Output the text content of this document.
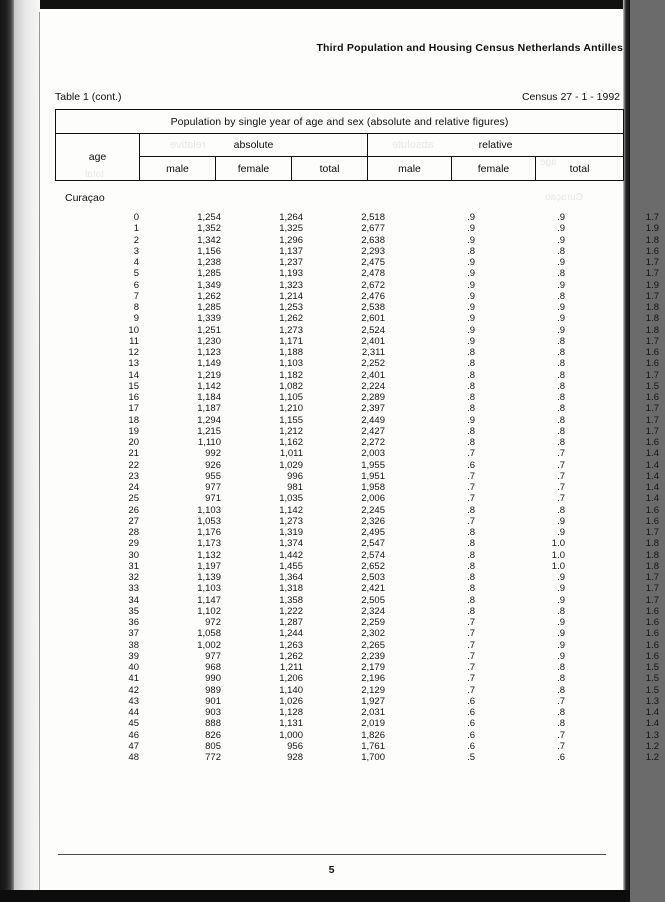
Third Population and Housing Census Netherlands Antilles
Table 1 (cont.)	Census 27 - 1 - 1992
Population by single year of age and sex (absolute and relative figures)						
age	absolute			relative		
	male	female	total	male	female	total
Curaçao
0	1,254	1,264	2,518	.9	.9	1.7
1	1,352	1,325	2,677	.9	.9	1.9
2	1,342	1,296	2,638	.9	.9	1.8
3	1,156	1,137	2,293	.8	.8	1.6
4	1,238	1,237	2,475	.9	.9	1.7
5	1,285	1,193	2,478	.9	.8	1.7
6	1,349	1,323	2,672	.9	.9	1.9
7	1,262	1,214	2,476	.9	.8	1.7
8	1,285	1,253	2,538	.9	.9	1.8
9	1,339	1,262	2,601	.9	.9	1.8
10	1,251	1,273	2,524	.9	.9	1.8
11	1,230	1,171	2,401	.9	.8	1.7
12	1,123	1,188	2,311	.8	.8	1.6
13	1,149	1,103	2,252	.8	.8	1.6
14	1,219	1,182	2,401	.8	.8	1.7
15	1,142	1,082	2,224	.8	.8	1.5
16	1,184	1,105	2,289	.8	.8	1.6
17	1,187	1,210	2,397	.8	.8	1.7
18	1,294	1,155	2,449	.9	.8	1.7
19	1,215	1,212	2,427	.8	.8	1.7
20	1,110	1,162	2,272	.8	.8	1.6
21	992	1,011	2,003	.7	.7	1.4
22	926	1,029	1,955	.6	.7	1.4
23	955	996	1,951	.7	.7	1.4
24	977	981	1,958	.7	.7	1.4
25	971	1,035	2,006	.7	.7	1.4
26	1,103	1,142	2,245	.8	.8	1.6
27	1,053	1,273	2,326	.7	.9	1.6
28	1,176	1,319	2,495	.8	.9	1.7
29	1,173	1,374	2,547	.8	1.0	1.8
30	1,132	1,442	2,574	.8	1.0	1.8
31	1,197	1,455	2,652	.8	1.0	1.8
32	1,139	1,364	2,503	.8	.9	1.7
33	1,103	1,318	2,421	.8	.9	1.7
34	1,147	1,358	2,505	.8	.9	1.7
35	1,102	1,222	2,324	.8	.8	1.6
36	972	1,287	2,259	.7	.9	1.6
37	1,058	1,244	2,302	.7	.9	1.6
38	1,002	1,263	2,265	.7	.9	1.6
39	977	1,262	2,239	.7	.9	1.6
40	968	1,211	2,179	.7	.8	1.5
41	990	1,206	2,196	.7	.8	1.5
42	989	1,140	2,129	.7	.8	1.5
43	901	1,026	1,927	.6	.7	1.3
44	903	1,128	2,031	.6	.8	1.4
45	888	1,131	2,019	.6	.8	1.4
46	826	1,000	1,826	.6	.7	1.3
47	805	956	1,761	.6	.7	1.2
48	772	928	1,700	.5	.6	1.2
5
relative	absolute
age
total
Curaçao
